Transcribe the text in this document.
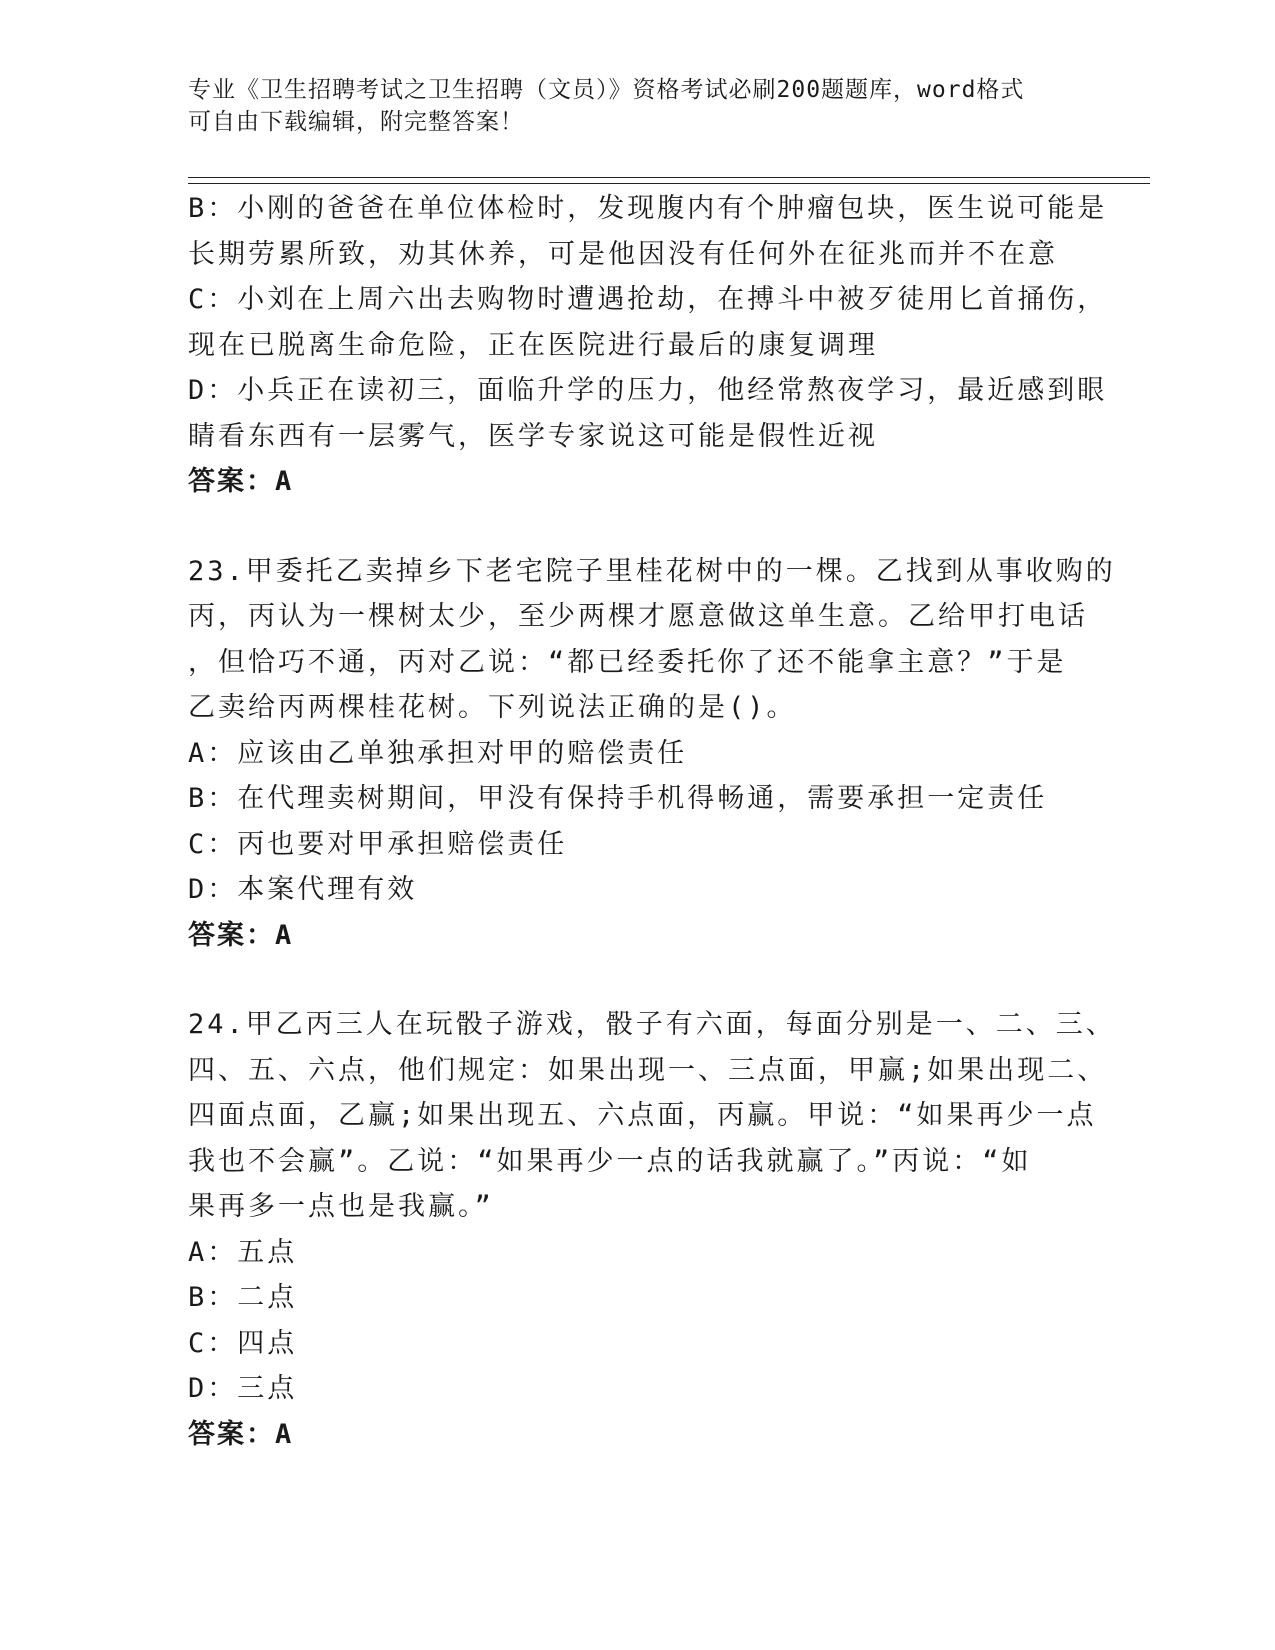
专业《卫生招聘考试之卫生招聘（文员）》资格考试必刷200题题库，word格式
可自由下载编辑，附完整答案！
B：小刚的爸爸在单位体检时，发现腹内有个肿瘤包块，医生说可能是
长期劳累所致，劝其休养，可是他因没有任何外在征兆而并不在意
C：小刘在上周六出去购物时遭遇抢劫，在搏斗中被歹徒用匕首捅伤，
现在已脱离生命危险，正在医院进行最后的康复调理
D：小兵正在读初三，面临升学的压力，他经常熬夜学习，最近感到眼
睛看东西有一层雾气，医学专家说这可能是假性近视
答案：A
23.甲委托乙卖掉乡下老宅院子里桂花树中的一棵。乙找到从事收购的
丙，丙认为一棵树太少，至少两棵才愿意做这单生意。乙给甲打电话
，但恰巧不通，丙对乙说：“都已经委托你了还不能拿主意？”于是
乙卖给丙两棵桂花树。下列说法正确的是()。
A：应该由乙单独承担对甲的赔偿责任
B：在代理卖树期间，甲没有保持手机得畅通，需要承担一定责任
C：丙也要对甲承担赔偿责任
D：本案代理有效
答案：A
24.甲乙丙三人在玩骰子游戏，骰子有六面，每面分别是一、二、三、
四、五、六点，他们规定：如果出现一、三点面，甲赢;如果出现二、
四面点面，乙赢;如果出现五、六点面，丙赢。甲说：“如果再少一点
我也不会赢”。乙说：“如果再少一点的话我就赢了。”丙说：“如
果再多一点也是我赢。”
A：五点
B：二点
C：四点
D：三点
答案：A
